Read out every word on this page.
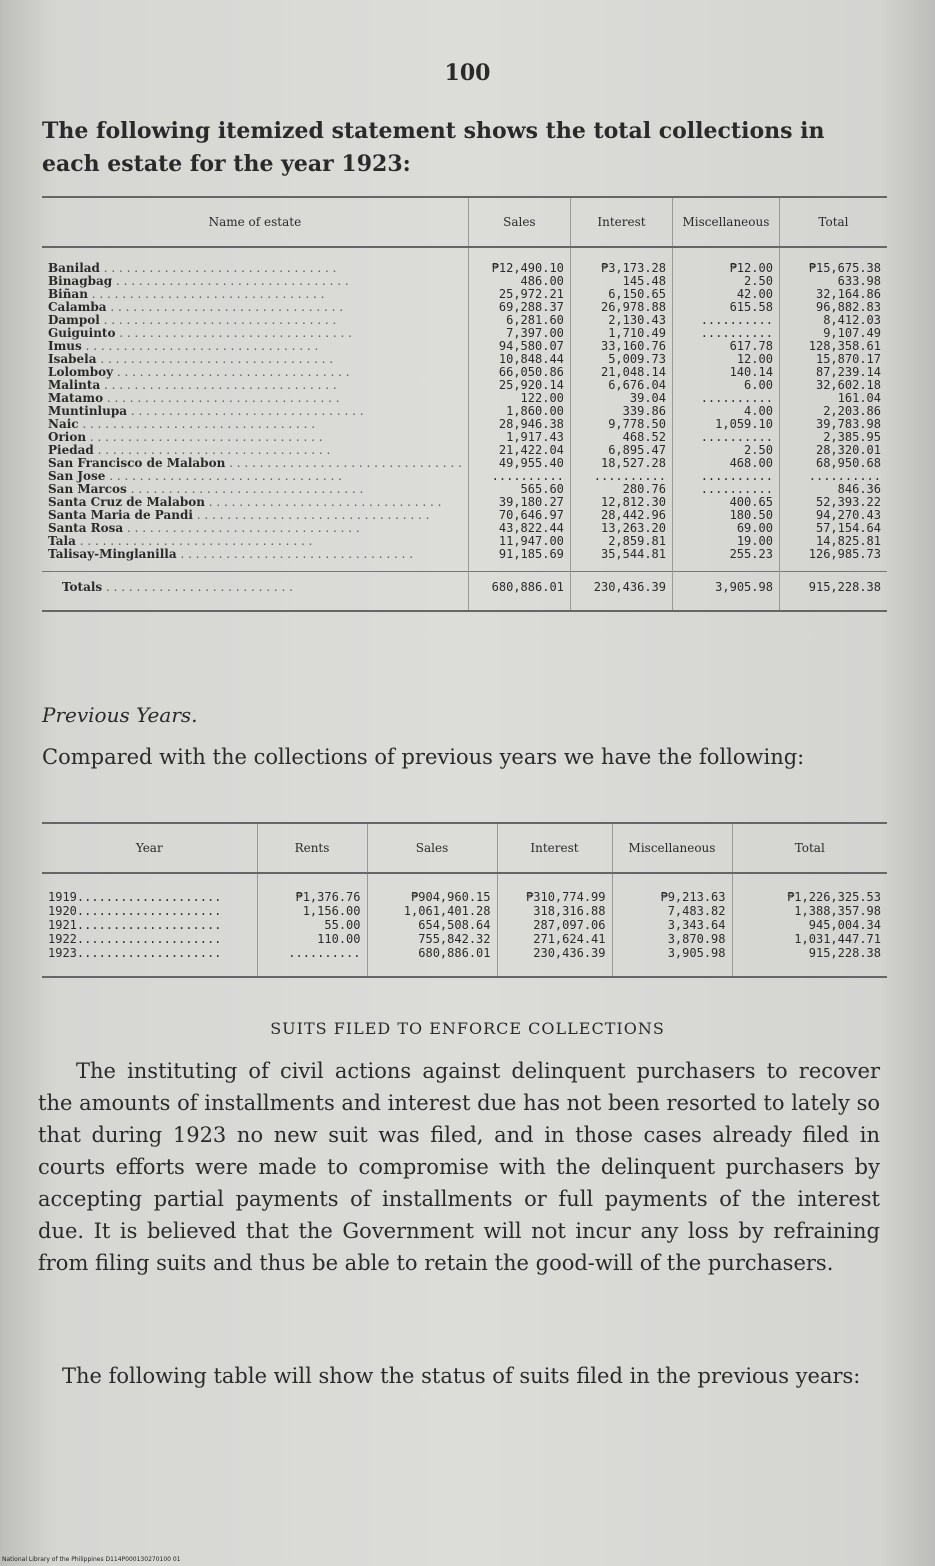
100
The following itemized statement shows the total collections in each estate for the year 1923:
Name of estate	Sales	Interest	Miscellaneous	Total
Banilad . . . . . . . . . . . . . . . . . . . . . . . . . . . . . . .	₱12,490.10	₱3,173.28	₱12.00	₱15,675.38
Binagbag . . . . . . . . . . . . . . . . . . . . . . . . . . . . . . .	486.00	145.48	2.50	633.98
Biñan . . . . . . . . . . . . . . . . . . . . . . . . . . . . . . .	25,972.21	6,150.65	42.00	32,164.86
Calamba . . . . . . . . . . . . . . . . . . . . . . . . . . . . . . .	69,288.37	26,978.88	615.58	96,882.83
Dampol . . . . . . . . . . . . . . . . . . . . . . . . . . . . . . .	6,281.60	2,130.43	..........	8,412.03
Guiguinto . . . . . . . . . . . . . . . . . . . . . . . . . . . . . . .	7,397.00	1,710.49	..........	9,107.49
Imus . . . . . . . . . . . . . . . . . . . . . . . . . . . . . . .	94,580.07	33,160.76	617.78	128,358.61
Isabela . . . . . . . . . . . . . . . . . . . . . . . . . . . . . . .	10,848.44	5,009.73	12.00	15,870.17
Lolomboy . . . . . . . . . . . . . . . . . . . . . . . . . . . . . . .	66,050.86	21,048.14	140.14	87,239.14
Malinta . . . . . . . . . . . . . . . . . . . . . . . . . . . . . . .	25,920.14	6,676.04	6.00	32,602.18
Matamo . . . . . . . . . . . . . . . . . . . . . . . . . . . . . . .	122.00	39.04	..........	161.04
Muntinlupa . . . . . . . . . . . . . . . . . . . . . . . . . . . . . . .	1,860.00	339.86	4.00	2,203.86
Naic . . . . . . . . . . . . . . . . . . . . . . . . . . . . . . .	28,946.38	9,778.50	1,059.10	39,783.98
Orion . . . . . . . . . . . . . . . . . . . . . . . . . . . . . . .	1,917.43	468.52	..........	2,385.95
Piedad . . . . . . . . . . . . . . . . . . . . . . . . . . . . . . .	21,422.04	6,895.47	2.50	28,320.01
San Francisco de Malabon . . . . . . . . . . . . . . . . . . . . . . . . . . . . . . .	49,955.40	18,527.28	468.00	68,950.68
San Jose . . . . . . . . . . . . . . . . . . . . . . . . . . . . . . .	..........	..........	..........	..........
San Marcos . . . . . . . . . . . . . . . . . . . . . . . . . . . . . . .	565.60	280.76	..........	846.36
Santa Cruz de Malabon . . . . . . . . . . . . . . . . . . . . . . . . . . . . . . .	39,180.27	12,812.30	400.65	52,393.22
Santa Maria de Pandi . . . . . . . . . . . . . . . . . . . . . . . . . . . . . . .	70,646.97	28,442.96	180.50	94,270.43
Santa Rosa . . . . . . . . . . . . . . . . . . . . . . . . . . . . . . .	43,822.44	13,263.20	69.00	57,154.64
Tala . . . . . . . . . . . . . . . . . . . . . . . . . . . . . . .	11,947.00	2,859.81	19.00	14,825.81
Talisay-Minglanilla . . . . . . . . . . . . . . . . . . . . . . . . . . . . . . .	91,185.69	35,544.81	255.23	126,985.73
Totals . . . . . . . . . . . . . . . . . . . . . . . . .	680,886.01	230,436.39	3,905.98	915,228.38
Previous Years.
Compared with the collections of previous years we have the following:
Year	Rents	Sales	Interest	Miscellaneous	Total
1919....................	₱1,376.76	₱904,960.15	₱310,774.99	₱9,213.63	₱1,226,325.53
1920....................	1,156.00	1,061,401.28	318,316.88	7,483.82	1,388,357.98
1921....................	55.00	654,508.64	287,097.06	3,343.64	945,004.34
1922....................	110.00	755,842.32	271,624.41	3,870.98	1,031,447.71
1923....................	..........	680,886.01	230,436.39	3,905.98	915,228.38
SUITS FILED TO ENFORCE COLLECTIONS
The instituting of civil actions against delinquent purchasers to recover the amounts of installments and interest due has not been resorted to lately so that during 1923 no new suit was filed, and in those cases already filed in courts efforts were made to compromise with the delinquent purchasers by accepting partial payments of installments or full payments of the interest due. It is believed that the Government will not incur any loss by refraining from filing suits and thus be able to retain the good-will of the purchasers.
The following table will show the status of suits filed in the previous years:
National Library of the Philippines D114P000130270100 01
